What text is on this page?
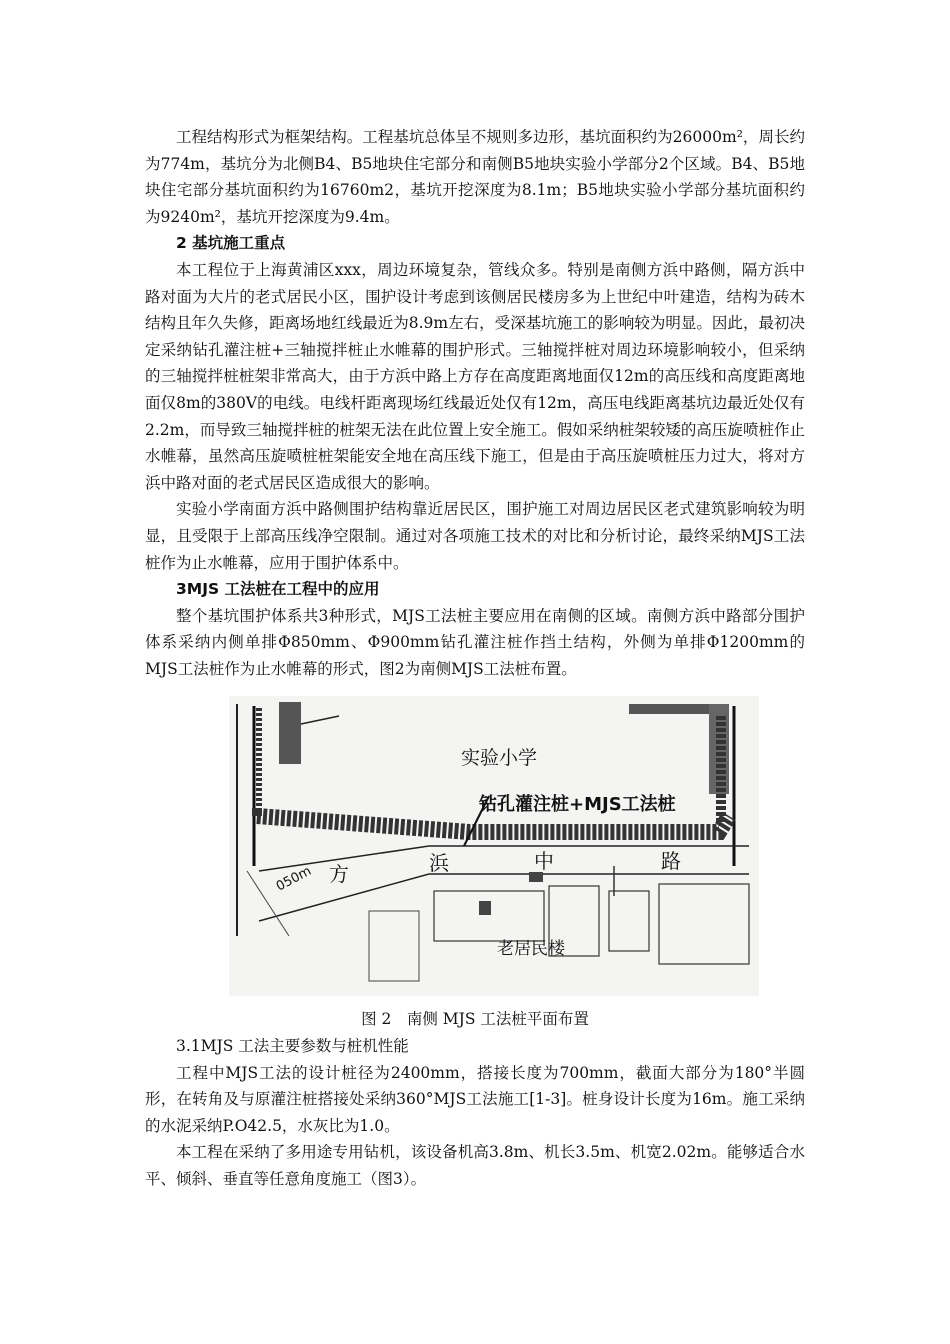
工程结构形式为框架结构。工程基坑总体呈不规则多边形，基坑面积约为26000m²，周长约为774m，基坑分为北侧B4、B5地块住宅部分和南侧B5地块实验小学部分2个区域。B4、B5地块住宅部分基坑面积约为16760m2，基坑开挖深度为8.1m；B5地块实验小学部分基坑面积约为9240m²，基坑开挖深度为9.4m。

2 基坑施工重点

本工程位于上海黄浦区xxx，周边环境复杂，管线众多。特别是南侧方浜中路侧，隔方浜中路对面为大片的老式居民小区，围护设计考虑到该侧居民楼房多为上世纪中叶建造，结构为砖木结构且年久失修，距离场地红线最近为8.9m左右，受深基坑施工的影响较为明显。因此，最初决定采纳钻孔灌注桩+三轴搅拌桩止水帷幕的围护形式。三轴搅拌桩对周边环境影响较小，但采纳的三轴搅拌桩桩架非常高大，由于方浜中路上方存在高度距离地面仅12m的高压线和高度距离地面仅8m的380V的电线。电线杆距离现场红线最近处仅有12m，高压电线距离基坑边最近处仅有2.2m，而导致三轴搅拌桩的桩架无法在此位置上安全施工。假如采纳桩架较矮的高压旋喷桩作止水帷幕，虽然高压旋喷桩桩架能安全地在高压线下施工，但是由于高压旋喷桩压力过大，将对方浜中路对面的老式居民区造成很大的影响。

实验小学南面方浜中路侧围护结构靠近居民区，围护施工对周边居民区老式建筑影响较为明显，且受限于上部高压线净空限制。通过对各项施工技术的对比和分析讨论，最终采纳MJS工法桩作为止水帷幕，应用于围护体系中。

3MJS 工法桩在工程中的应用

整个基坑围护体系共3种形式，MJS工法桩主要应用在南侧的区域。南侧方浜中路部分围护体系采纳内侧单排Φ850mm、Φ900mm钻孔灌注桩作挡土结构，外侧为单排Φ1200mm的MJS工法桩作为止水帷幕的形式，图2为南侧MJS工法桩布置。

实验小学
钻孔灌注桩+MJS工法桩
050m 方	浜	中	路
老居民楼

图 2　南侧 MJS 工法桩平面布置

3.1MJS 工法主要参数与桩机性能

工程中MJS工法的设计桩径为2400mm，搭接长度为700mm，截面大部分为180°半圆形，在转角及与原灌注桩搭接处采纳360°MJS工法施工[1-3]。桩身设计长度为16m。施工采纳的水泥采纳P.O42.5，水灰比为1.0。

本工程在采纳了多用途专用钻机，该设备机高3.8m、机长3.5m、机宽2.02m。能够适合水平、倾斜、垂直等任意角度施工（图3）。
